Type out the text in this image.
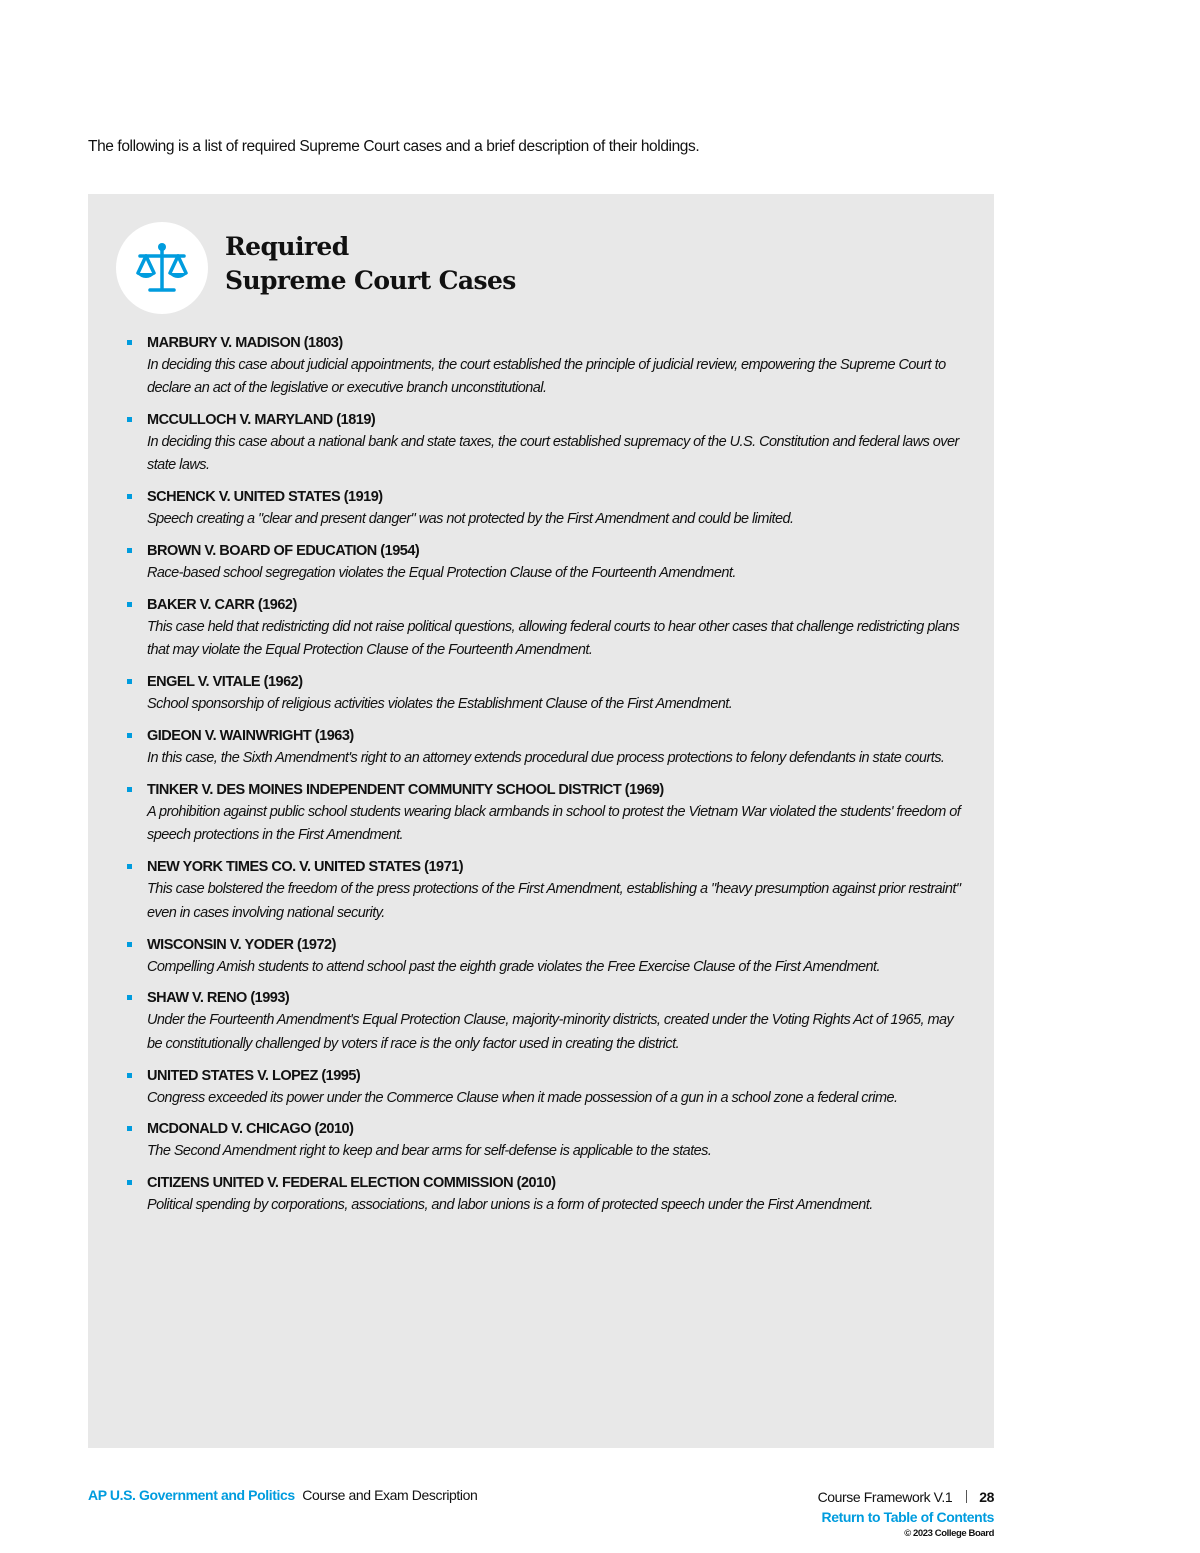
The following is a list of required Supreme Court cases and a brief description of their holdings.
Required
Supreme Court Cases
MARBURY V. MADISON (1803)
In deciding this case about judicial appointments, the court established the principle of judicial review, empowering the Supreme Court to declare an act of the legislative or executive branch unconstitutional.
MCCULLOCH V. MARYLAND (1819)
In deciding this case about a national bank and state taxes, the court established supremacy of the U.S. Constitution and federal laws over state laws.
SCHENCK V. UNITED STATES (1919)
Speech creating a "clear and present danger" was not protected by the First Amendment and could be limited.
BROWN V. BOARD OF EDUCATION (1954)
Race-based school segregation violates the Equal Protection Clause of the Fourteenth Amendment.
BAKER V. CARR (1962)
This case held that redistricting did not raise political questions, allowing federal courts to hear other cases that challenge redistricting plans that may violate the Equal Protection Clause of the Fourteenth Amendment.
ENGEL V. VITALE (1962)
School sponsorship of religious activities violates the Establishment Clause of the First Amendment.
GIDEON V. WAINWRIGHT (1963)
In this case, the Sixth Amendment's right to an attorney extends procedural due process protections to felony defendants in state courts.
TINKER V. DES MOINES INDEPENDENT COMMUNITY SCHOOL DISTRICT (1969)
A prohibition against public school students wearing black armbands in school to protest the Vietnam War violated the students' freedom of speech protections in the First Amendment.
NEW YORK TIMES CO. V. UNITED STATES (1971)
This case bolstered the freedom of the press protections of the First Amendment, establishing a "heavy presumption against prior restraint" even in cases involving national security.
WISCONSIN V. YODER (1972)
Compelling Amish students to attend school past the eighth grade violates the Free Exercise Clause of the First Amendment.
SHAW V. RENO (1993)
Under the Fourteenth Amendment's Equal Protection Clause, majority-minority districts, created under the Voting Rights Act of 1965, may be constitutionally challenged by voters if race is the only factor used in creating the district.
UNITED STATES V. LOPEZ (1995)
Congress exceeded its power under the Commerce Clause when it made possession of a gun in a school zone a federal crime.
MCDONALD V. CHICAGO (2010)
The Second Amendment right to keep and bear arms for self-defense is applicable to the states.
CITIZENS UNITED V. FEDERAL ELECTION COMMISSION (2010)
Political spending by corporations, associations, and labor unions is a form of protected speech under the First Amendment.
AP U.S. Government and Politics Course and Exam Description	Course Framework V.1 28
Return to Table of Contents
© 2023 College Board
